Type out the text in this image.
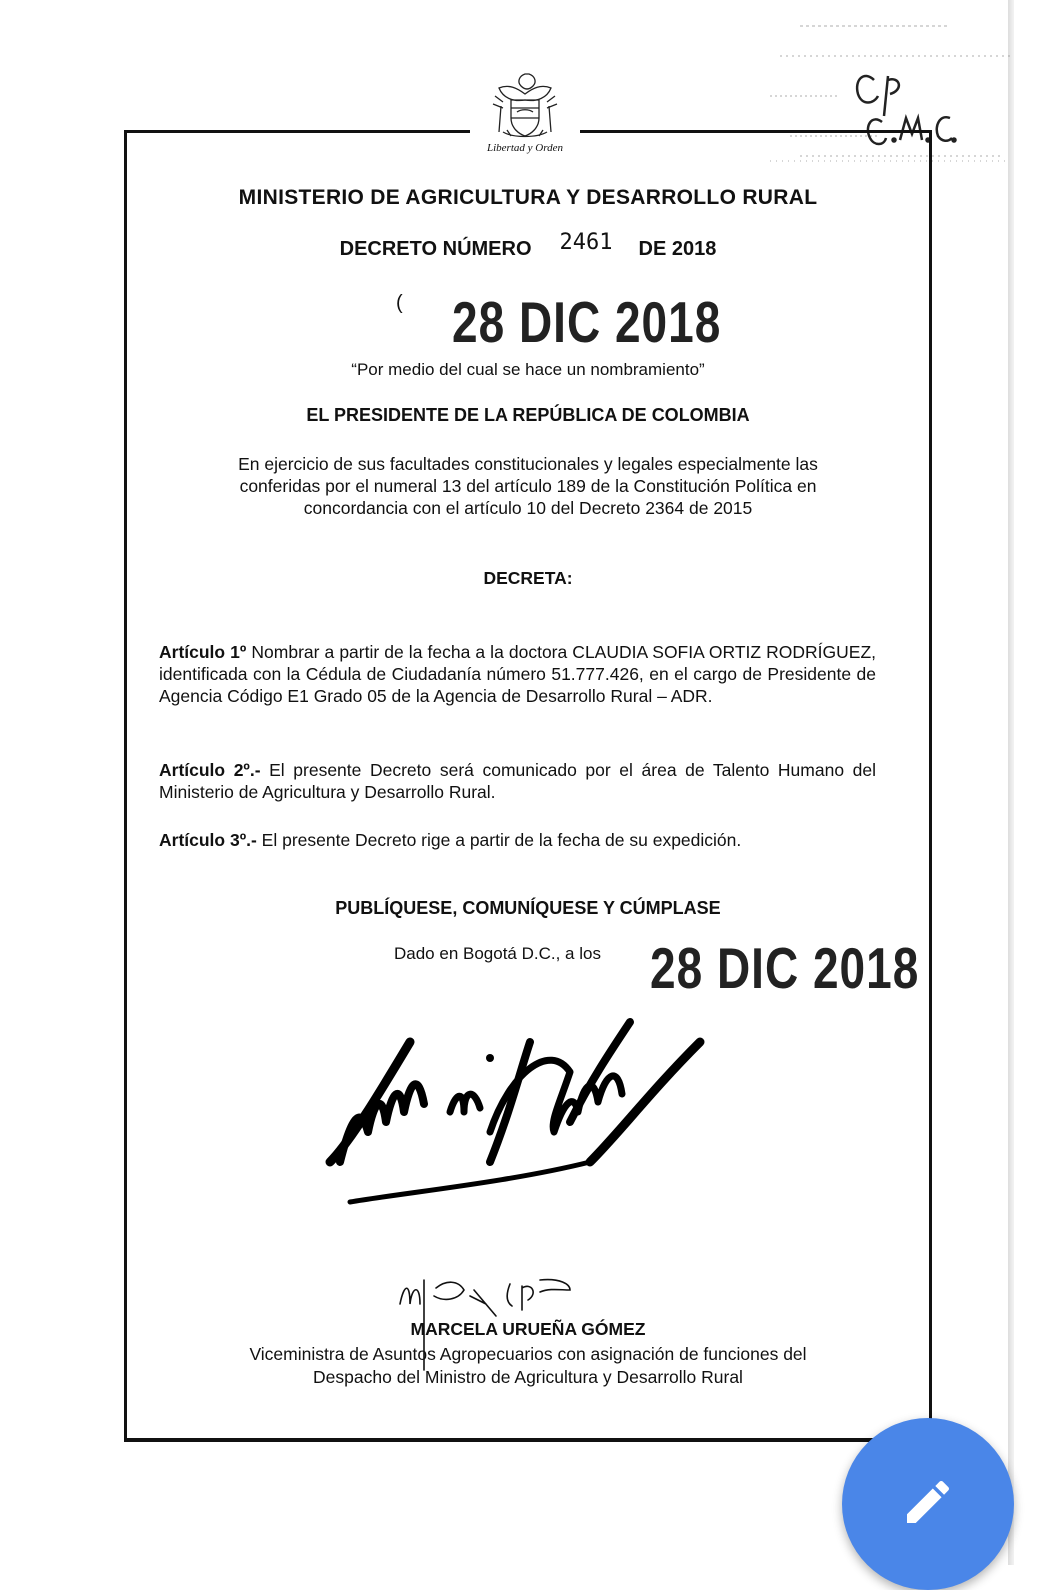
Libertad y Orden
MINISTERIO DE AGRICULTURA Y DESARROLLO RURAL
DECRETO NÚMERO 2461 DE 2018
( 28 DIC 2018
“Por medio del cual se hace un nombramiento”
EL PRESIDENTE DE LA REPÚBLICA DE COLOMBIA
En ejercicio de sus facultades constitucionales y legales especialmente las
conferidas por el numeral 13 del artículo 189 de la Constitución Política en
concordancia con el artículo 10 del Decreto 2364 de 2015
DECRETA:
Artículo 1º Nombrar a partir de la fecha a la doctora CLAUDIA SOFIA ORTIZ RODRÍGUEZ, identificada con la Cédula de Ciudadanía número 51.777.426, en el cargo de Presidente de Agencia Código E1 Grado 05 de la Agencia de Desarrollo Rural – ADR.
Artículo 2º.- El presente Decreto será comunicado por el área de Talento Humano del Ministerio de Agricultura y Desarrollo Rural.
Artículo 3º.- El presente Decreto rige a partir de la fecha de su expedición.
PUBLÍQUESE, COMUNÍQUESE Y CÚMPLASE
Dado en Bogotá D.C., a los 28 DIC 2018
MARCELA URUEÑA GÓMEZ
Viceministra de Asuntos Agropecuarios con asignación de funciones del
Despacho del Ministro de Agricultura y Desarrollo Rural
